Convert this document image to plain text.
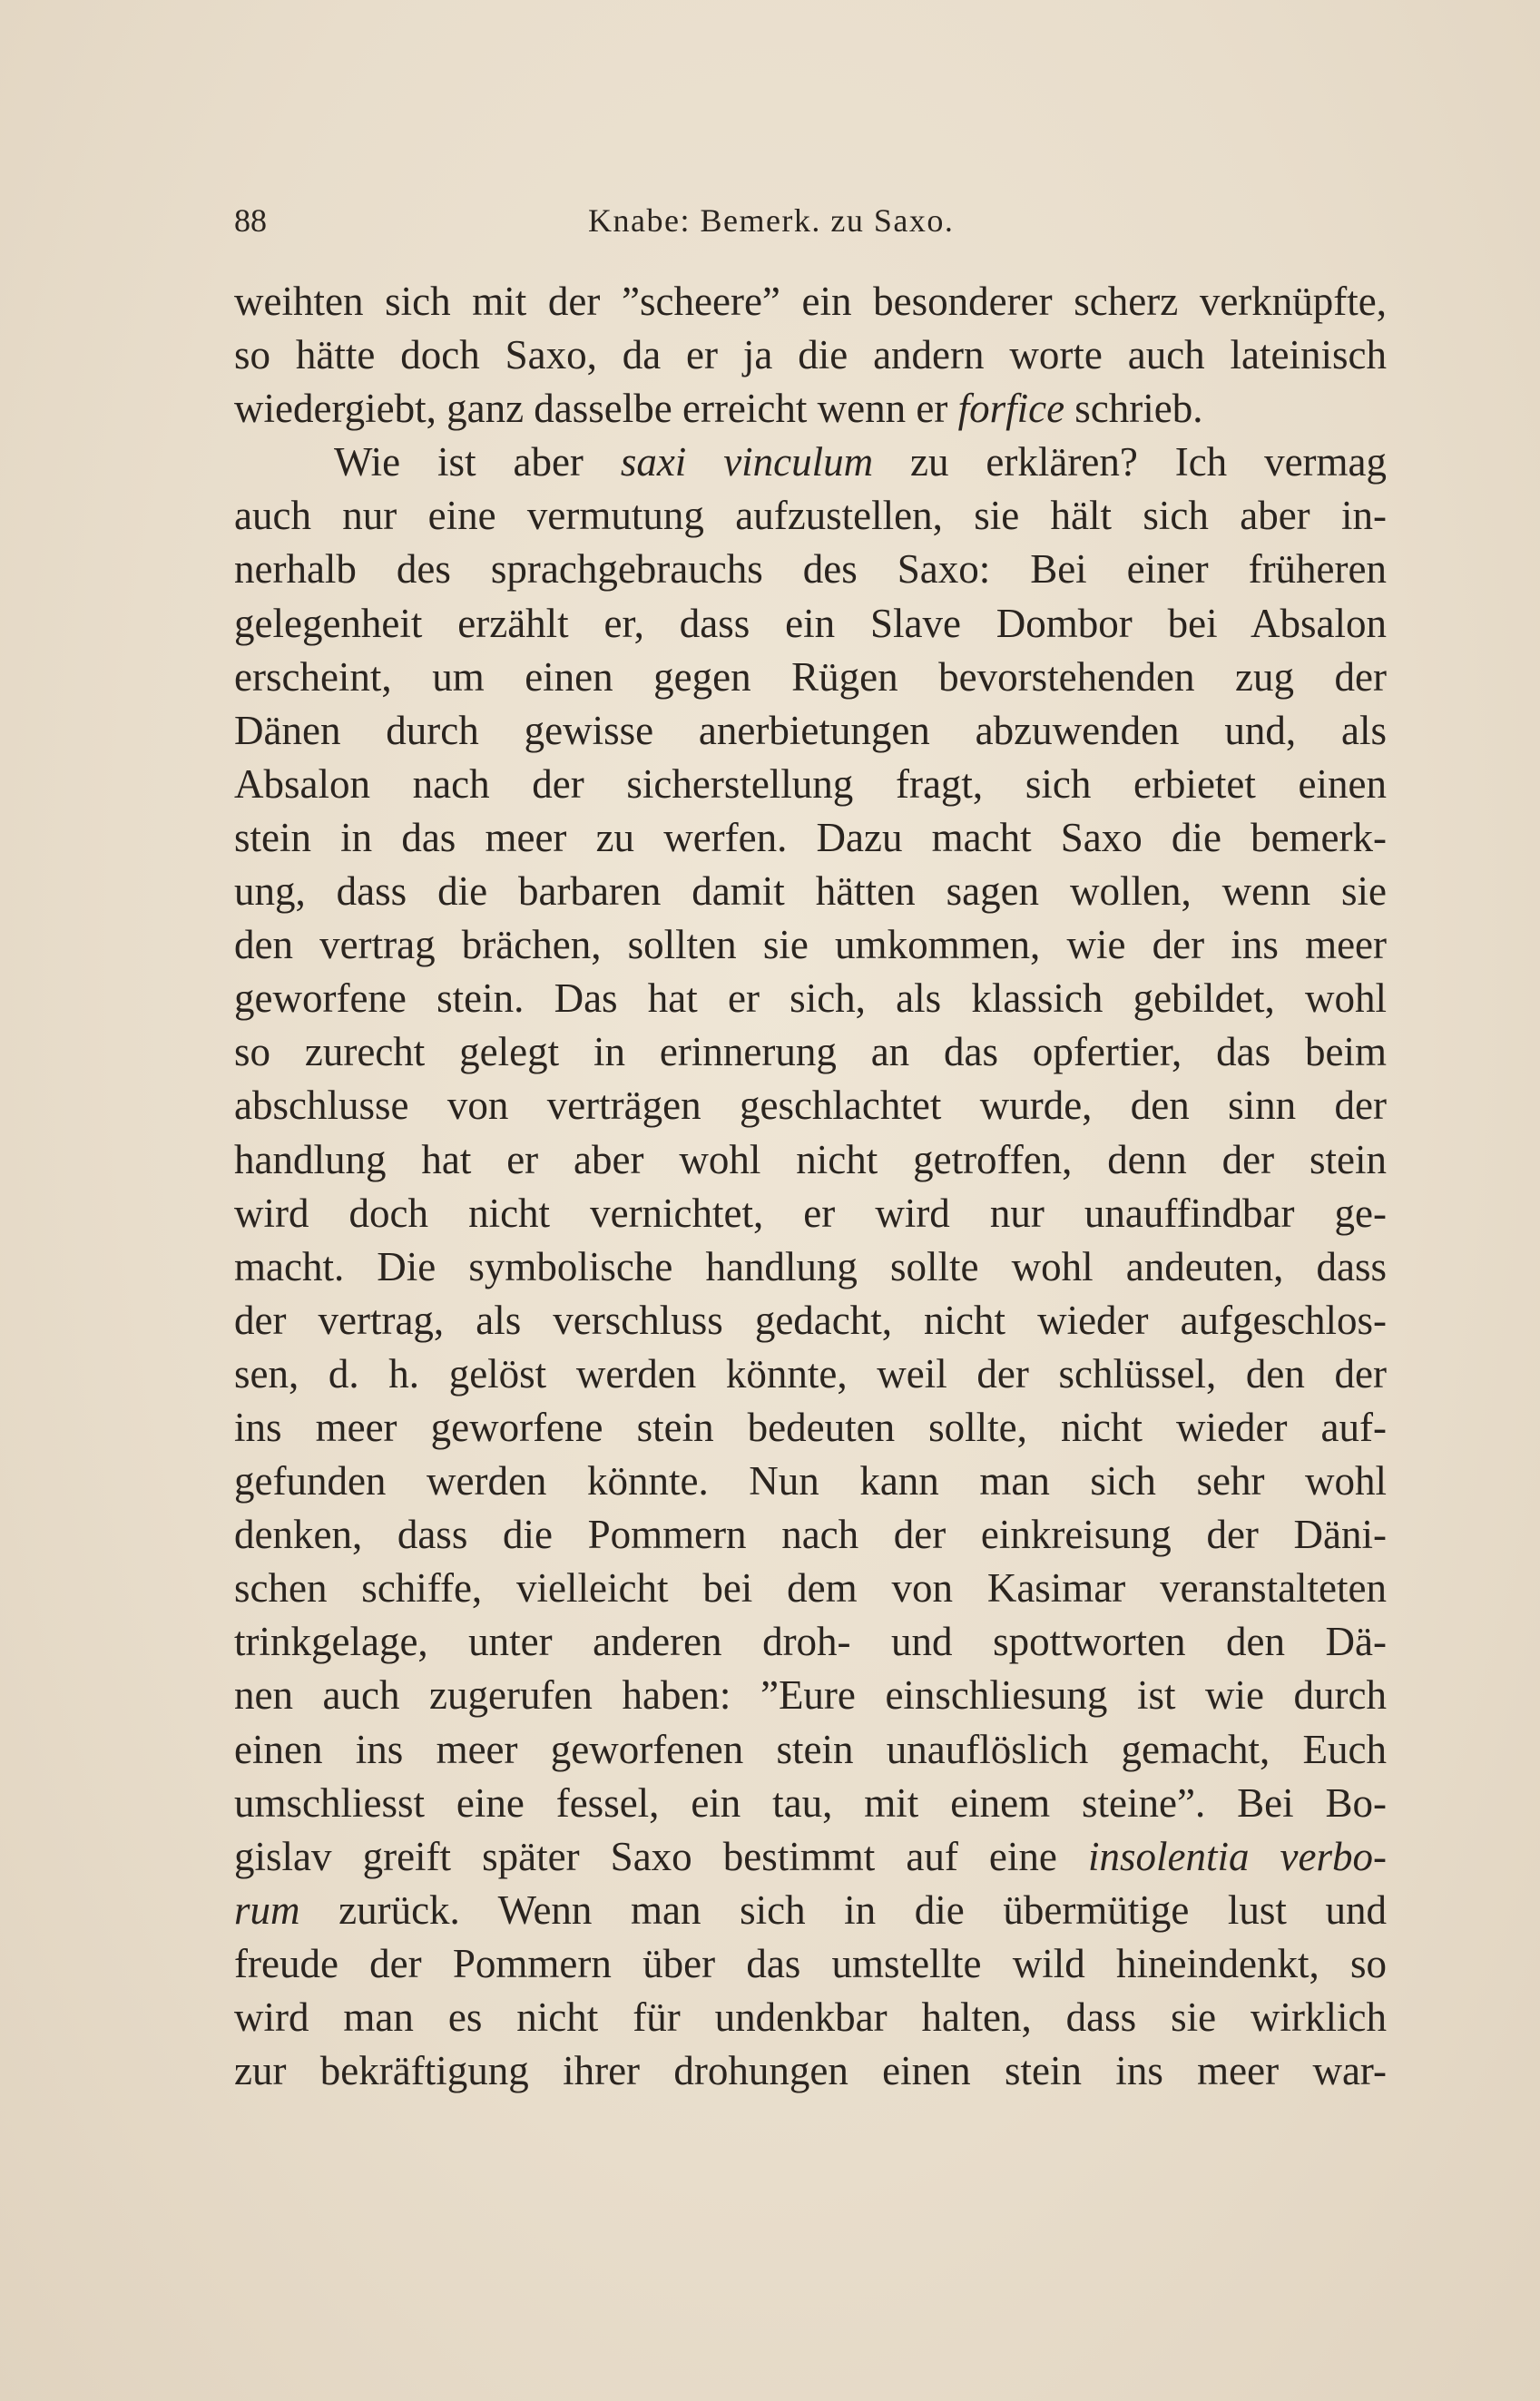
88	Knabe: Bemerk. zu Saxo.
weihten sich mit der ”scheere” ein besonderer scherz verknüpfte,
so hätte doch Saxo, da er ja die andern worte auch lateinisch
wiedergiebt, ganz dasselbe erreicht wenn er forfice schrieb.
Wie ist aber saxi vinculum zu erklären? Ich vermag
auch nur eine vermutung aufzustellen, sie hält sich aber in-
nerhalb des sprachgebrauchs des Saxo: Bei einer früheren
gelegenheit erzählt er, dass ein Slave Dombor bei Absalon
erscheint, um einen gegen Rügen bevorstehenden zug der
Dänen durch gewisse anerbietungen abzuwenden und, als
Absalon nach der sicherstellung fragt, sich erbietet einen
stein in das meer zu werfen. Dazu macht Saxo die bemerk-
ung, dass die barbaren damit hätten sagen wollen, wenn sie
den vertrag brächen, sollten sie umkommen, wie der ins meer
geworfene stein. Das hat er sich, als klassich gebildet, wohl
so zurecht gelegt in erinnerung an das opfertier, das beim
abschlusse von verträgen geschlachtet wurde, den sinn der
handlung hat er aber wohl nicht getroffen, denn der stein
wird doch nicht vernichtet, er wird nur unauffindbar ge-
macht. Die symbolische handlung sollte wohl andeuten, dass
der vertrag, als verschluss gedacht, nicht wieder aufgeschlos-
sen, d. h. gelöst werden könnte, weil der schlüssel, den der
ins meer geworfene stein bedeuten sollte, nicht wieder auf-
gefunden werden könnte. Nun kann man sich sehr wohl
denken, dass die Pommern nach der einkreisung der Däni-
schen schiffe, vielleicht bei dem von Kasimar veranstalteten
trinkgelage, unter anderen droh- und spottworten den Dä-
nen auch zugerufen haben: ”Eure einschliesung ist wie durch
einen ins meer geworfenen stein unauflöslich gemacht, Euch
umschliesst eine fessel, ein tau, mit einem steine”. Bei Bo-
gislav greift später Saxo bestimmt auf eine insolentia verbo-
rum zurück. Wenn man sich in die übermütige lust und
freude der Pommern über das umstellte wild hineindenkt, so
wird man es nicht für undenkbar halten, dass sie wirklich
zur bekräftigung ihrer drohungen einen stein ins meer war-
